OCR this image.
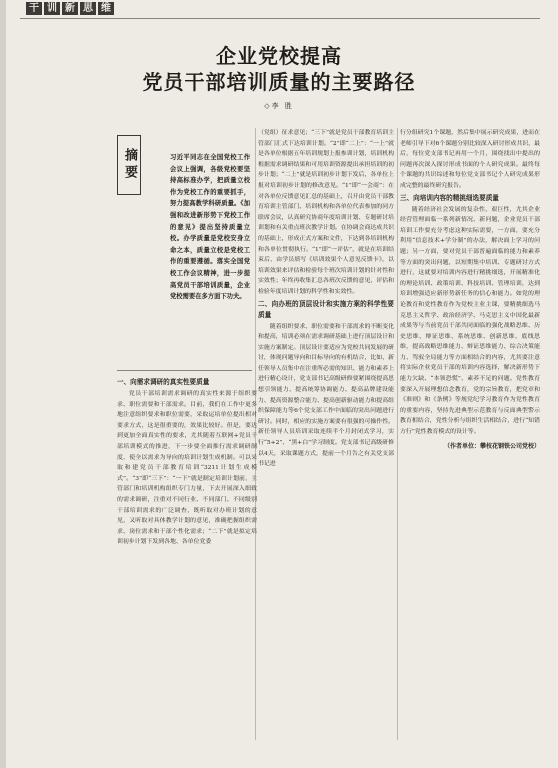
干 训 新 思 维
企业党校提高
党员干部培训质量的主要路径
◇李 胜
摘要	习近平同志在全国党校工作会议上强调，各级党校要坚持高标准办学，把质量立校作为党校工作的重要抓手，努力提高教学科研质量。《加强和改进新形势下党校工作的意见》提出坚持质量立校。办学质量是党校安身立命之本，质量立校是党校工作的重要遵循。落实全国党校工作会议精神，进一步提高党员干部培训质量，企业党校需要在多方面下功夫。
一、向需求调研的真实性要质量

党员干部培训需求调研的真实性来源于组织要求、职位需要和干部需求。目前，我们在工作中更多地注意组织要求和职位需要，采取运培单位提出相对要求方式，这是很重要的，效果比较好。但是，要达到更加全面真实性的要求，尤其随着互联网+党员干部培训模式的推进，下一步要全面推行需求调研制度，使全以需求为导向的培训计划生成机制。可以采取和建党员干部教育培训“3211计划生成模式”。“3”即“三下”：“一下”就是制定培训计划前，主管部门和培训机构组织专门力量，下去开展深入细致的需求调研，注重对不同行业、不同部门、不同级别干部培训需求的广泛调查，既听取对办班计划的意见，又听取对具体教学计划的意见，准确把握组织需求、岗位需求和干部个性化需求；“二下”就是拟定培训初步计划下发到各地、各单位党委

（党组）征求意见；“三下”就是党员干部教育培训主管部门汇式下达培训计划。“2”即“二上”：“一上”就是各单位根据五年培训规划上报参训计划，培训机构根据需求调研结果和可用培训资源提出承担培训的初步计划；“二上”就是培训初步计划下发后，各单位上报对培训初步计划的修改意见。“1”即“一会商”：在对各单位反馈意见汇总的基础上，召开由党员干部教育培训主管部门、培训机构和各单位代表参加的同方联席会议，认真研究协商年度培训计划、专题研讨培训划和有关重点班次教学计划。在协调会商达成共识的基础上，形成正式方案和文件，下达到各培训机构和各单位贯彻执行。“1”即“一评估”，就是在培训结束后，由学员填写《培训效果个人意见反馈卡》，以培训效果来评估和检验每个班次培训计划的针对性和实效性；年终再收集汇总各班次反馈的意见，评估和检验年度培训计划的科学性和实效性。

二、向办班的顶层设计和实施方案的科学性要质量

随着组织要求、职位需要和干部需求的不断变化和提高，培训必须在需求调研基础上进行顶层设计和实施方案制定。顶层设计要适应为党校共同发展的研讨，体现问题导向和目标导向的有机结合，比如，新任领导人员集中在注重所必需的知识、能力和素养上进行精心设计，党支部书记高级研修要紧围绕提高思想引领能力、提高统筹协调能力、提高品牌建设能力、提高资源整合能力、提高创新驱动能力和提高组织保障能力等6个党支部工作中面临的突出问题进行研讨。同时，相应的实施方案要有很强的可操作性。新任领导人员培训采取连续半个月封闭式学习，实行“5+2”、“黑+白”学习制度。党支部书记高级研修以4天，采取课题方式，提前一个月告之有关党支部书记进

行分组研究1个课题，然后集中展示研究成果，进而在老师引导下对6个课题分别比较深入研讨形成共识，最后，每位党支部书记再用一个月，围绕找出中提出的问题再次深入探讨形成书面的个人研究成果。最终每个课题的共识综述和每位党支部书记个人研究成果形成完整的最终研究报告。

三、向培训内容的精挑细选要质量

随着经济社会发展的复杂性、艰巨性，尤其企业经营管理面临一系列新情况、新问题，企业党员干部培训工作要充分考虑这种实际需要，一方面，要充分利用“信息技术+学分制”的办法，解决面上学习的问题；另一方面，要对党员干部普遍面临的能力和素养等方面的突出问题，以短期集中培训、专题研讨方式进行，这就要对培训内容进行精挑细选，开展精准化的理论培训、政策培训、科技培训、管理培训，达到培训增强适应新形势新任务的信心和能力。如党的理论教育和党性教育作为党校主业主课，要精挑细选马克思主义哲学、政治经济学、马克思主义中国化最新成果等与当前党员干部共同面临的强化战略思维、历史思维、辩证思维、系统思维、创新思维、底线思维，提高战略思维能力、辩证思维能力、综合决策能力、驾驭全局能力等方面相结合的内容，尤其要注意将实际企业党员干部的培训内容选择，解决新形势下能力欠缺、“本领恐慌”、素养不足的问题。党性教育要深入开展理想信念教育，党的宗旨教育，把党章和《准则》和《条例》等规党纪学习教育作为党性教育的重要内容，坚持先进典型示范教育与反面典型警示教育相结合，党性分析与组织生活相结合，进行“知错方行”党性教育模式的设计等。

（作者单位：攀枝花钢铁公司党校）
